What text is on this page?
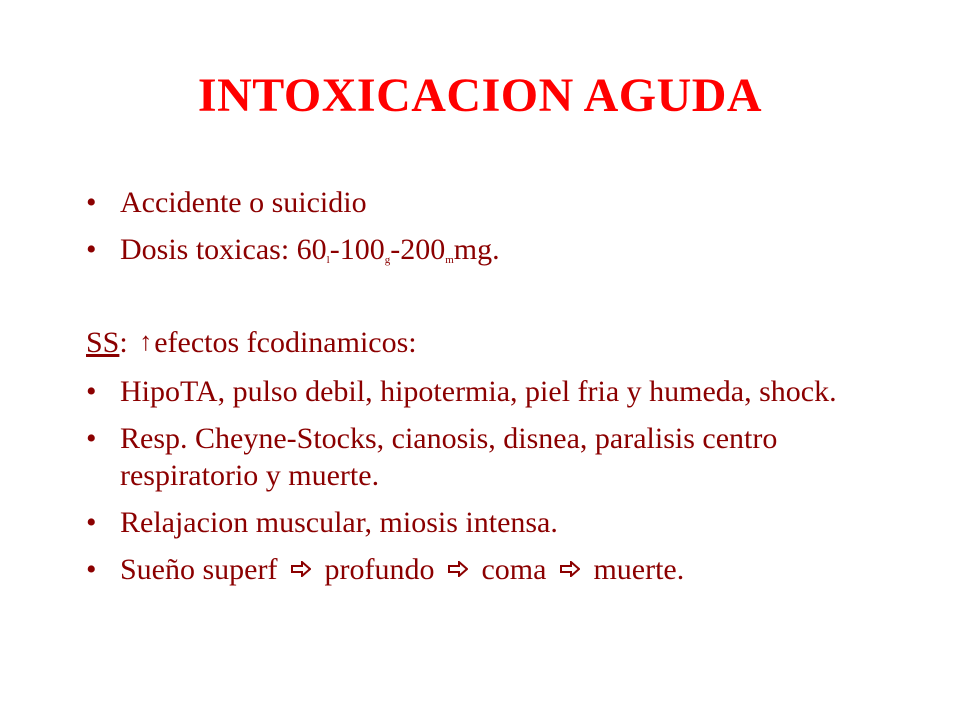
INTOXICACION AGUDA
• Accidente o suicidio
• Dosis toxicas: $60_l-100_g-200_mmg$.
SS: ↑efectos fcodinamicos:
• HipoTA, pulso debil, hipotermia, piel fria y humeda, shock.
• Resp. Cheyne-Stocks, cianosis, disnea, paralisis centro respiratorio y muerte.
• Relajacion muscular, miosis intensa.
• Sueño superf profundo coma muerte.
